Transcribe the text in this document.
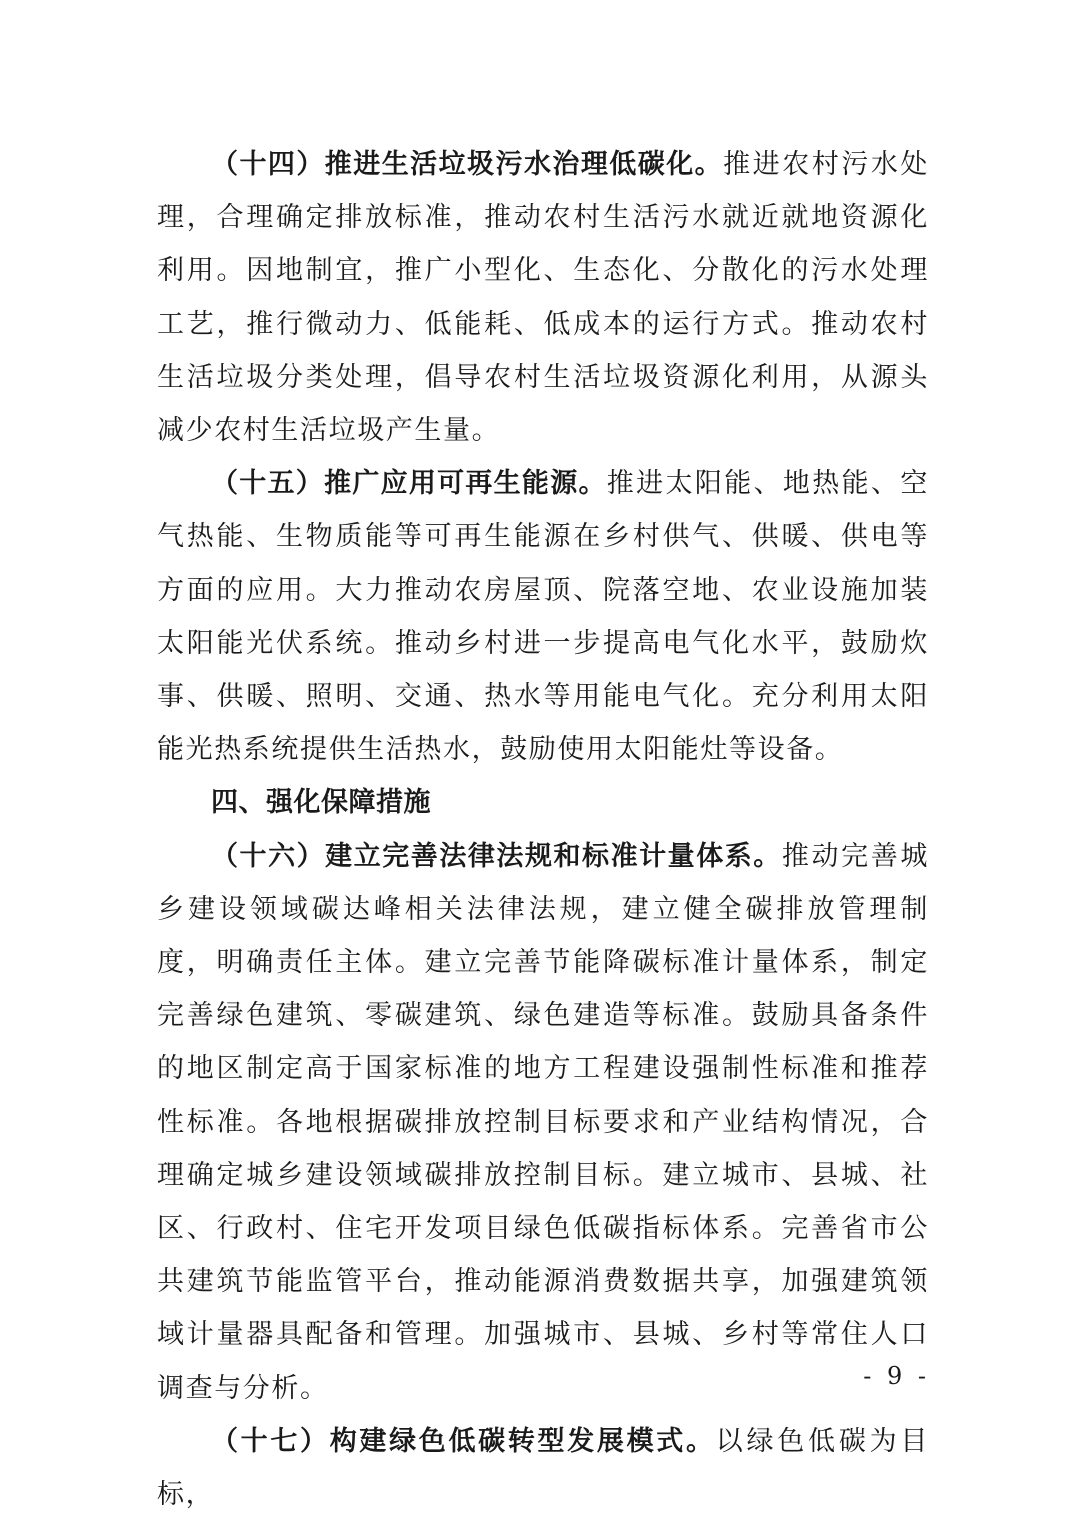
（十四）推进生活垃圾污水治理低碳化。推进农村污水处理，合理确定排放标准，推动农村生活污水就近就地资源化利用。因地制宜，推广小型化、生态化、分散化的污水处理工艺，推行微动力、低能耗、低成本的运行方式。推动农村生活垃圾分类处理，倡导农村生活垃圾资源化利用，从源头减少农村生活垃圾产生量。

（十五）推广应用可再生能源。推进太阳能、地热能、空气热能、生物质能等可再生能源在乡村供气、供暖、供电等方面的应用。大力推动农房屋顶、院落空地、农业设施加装太阳能光伏系统。推动乡村进一步提高电气化水平，鼓励炊事、供暖、照明、交通、热水等用能电气化。充分利用太阳能光热系统提供生活热水，鼓励使用太阳能灶等设备。

四、强化保障措施

（十六）建立完善法律法规和标准计量体系。推动完善城乡建设领域碳达峰相关法律法规，建立健全碳排放管理制度，明确责任主体。建立完善节能降碳标准计量体系，制定完善绿色建筑、零碳建筑、绿色建造等标准。鼓励具备条件的地区制定高于国家标准的地方工程建设强制性标准和推荐性标准。各地根据碳排放控制目标要求和产业结构情况，合理确定城乡建设领域碳排放控制目标。建立城市、县城、社区、行政村、住宅开发项目绿色低碳指标体系。完善省市公共建筑节能监管平台，推动能源消费数据共享，加强建筑领域计量器具配备和管理。加强城市、县城、乡村等常住人口调查与分析。

（十七）构建绿色低碳转型发展模式。以绿色低碳为目标，

- 9 -
